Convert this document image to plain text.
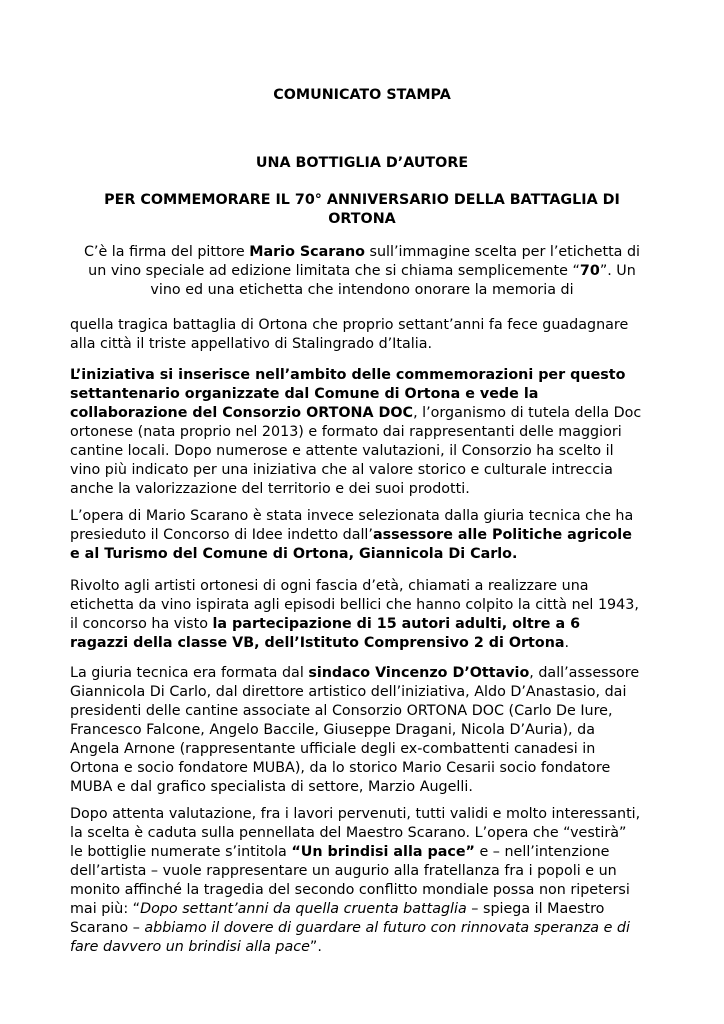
COMUNICATO STAMPA

UNA BOTTIGLIA D’AUTORE

PER COMMEMORARE IL 70° ANNIVERSARIO DELLA BATTAGLIA DI
ORTONA

C’è la firma del pittore Mario Scarano sull’immagine scelta per l’etichetta di
un vino speciale ad edizione limitata che si chiama semplicemente “70”. Un
vino ed una etichetta che intendono onorare la memoria di

quella tragica battaglia di Ortona che proprio settant’anni fa fece guadagnare
alla città il triste appellativo di Stalingrado d’Italia.

L’iniziativa si inserisce nell’ambito delle commemorazioni per questo
settantenario organizzate dal Comune di Ortona e vede la
collaborazione del Consorzio ORTONA DOC, l’organismo di tutela della Doc
ortonese (nata proprio nel 2013) e formato dai rappresentanti delle maggiori
cantine locali. Dopo numerose e attente valutazioni, il Consorzio ha scelto il
vino più indicato per una iniziativa che al valore storico e culturale intreccia
anche la valorizzazione del territorio e dei suoi prodotti.

L’opera di Mario Scarano è stata invece selezionata dalla giuria tecnica che ha
presieduto il Concorso di Idee indetto dall’assessore alle Politiche agricole
e al Turismo del Comune di Ortona, Giannicola Di Carlo.

Rivolto agli artisti ortonesi di ogni fascia d’età, chiamati a realizzare una
etichetta da vino ispirata agli episodi bellici che hanno colpito la città nel 1943,
il concorso ha visto la partecipazione di 15 autori adulti, oltre a 6
ragazzi della classe VB, dell’Istituto Comprensivo 2 di Ortona.

La giuria tecnica era formata dal sindaco Vincenzo D’Ottavio, dall’assessore
Giannicola Di Carlo, dal direttore artistico dell’iniziativa, Aldo D’Anastasio, dai
presidenti delle cantine associate al Consorzio ORTONA DOC (Carlo De Iure,
Francesco Falcone, Angelo Baccile, Giuseppe Dragani, Nicola D’Auria), da
Angela Arnone (rappresentante ufficiale degli ex-combattenti canadesi in
Ortona e socio fondatore MUBA), da lo storico Mario Cesarii socio fondatore
MUBA e dal grafico specialista di settore, Marzio Augelli.

Dopo attenta valutazione, fra i lavori pervenuti, tutti validi e molto interessanti,
la scelta è caduta sulla pennellata del Maestro Scarano. L’opera che “vestirà”
le bottiglie numerate s’intitola “Un brindisi alla pace” e – nell’intenzione
dell’artista – vuole rappresentare un augurio alla fratellanza fra i popoli e un
monito affinché la tragedia del secondo conflitto mondiale possa non ripetersi
mai più: “Dopo settant’anni da quella cruenta battaglia – spiega il Maestro
Scarano – abbiamo il dovere di guardare al futuro con rinnovata speranza e di
fare davvero un brindisi alla pace”.
